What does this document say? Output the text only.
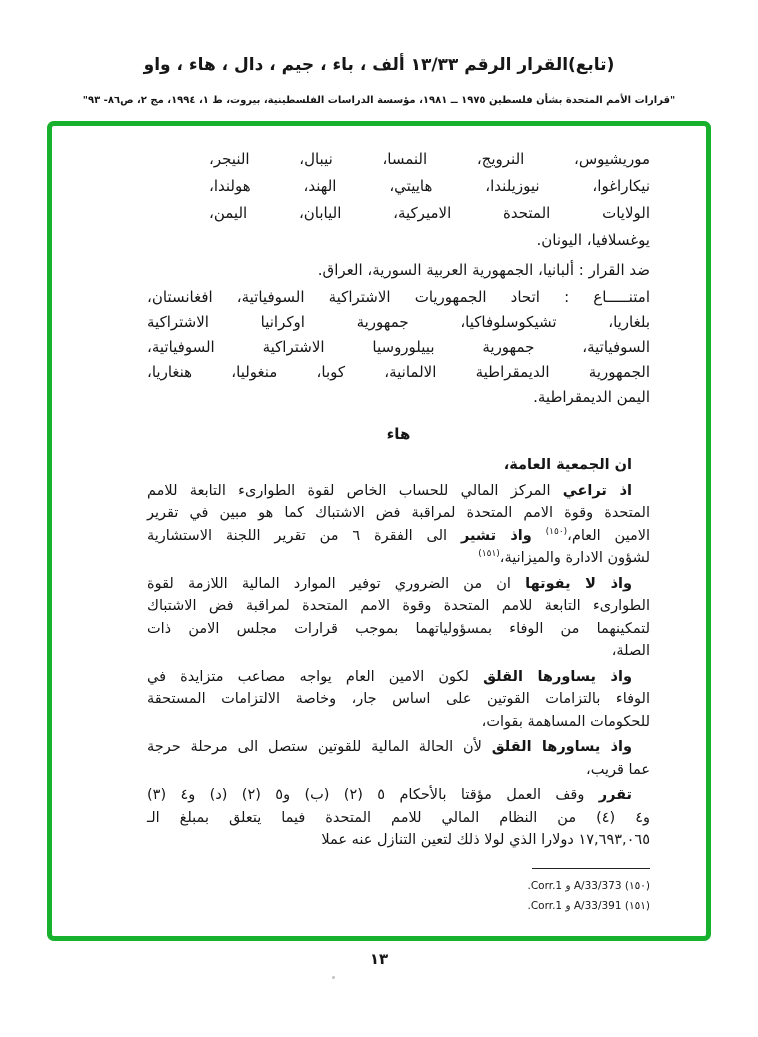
(تابع)القرار الرقم ١٣/٣٣ ألف ، باء ، جيم ، دال ، هاء ، واو
"قرارات الأمم المتحدة بشأن فلسطين ١٩٧٥ ــ ١٩٨١، مؤسسة الدراسات الفلسطينية، بيروت، ط ١، ١٩٩٤، مج ٢، ص٨٦- ٩٣"
موريشيوس، النرويج، النمسا، نيبال، النيجر،
نيكاراغوا، نيوزيلندا، هاييتي، الهند، هولندا،
الولايات المتحدة الاميركية، اليابان، اليمن،
يوغسلافيا، اليونان.
ضد القرار : ألبانيا، الجمهورية العربية السورية، العراق.
امتنـــــاع : اتحاد الجمهوريات الاشتراكية السوفياتية، افغانستان،
بلغاريا، تشيكوسلوفاكيا، جمهورية اوكرانيا الاشتراكية
السوفياتية، جمهورية بييلوروسيا الاشتراكية السوفياتية،
الجمهورية الديمقراطية الالمانية، كوبا، منغوليا، هنغاريا،
اليمن الديمقراطية.
هاء
ان الجمعية العامة،
اذ تراعي المركز المالي للحساب الخاص لقوة الطوارىء التابعة للامم
المتحدة وقوة الامم المتحدة لمراقبة فض الاشتباك كما هو مبين في تقرير
الامين العام،$^{(١٥٠)}$ واذ تشير الى الفقرة ٦ من تقرير اللجنة الاستشارية
لشؤون الادارة والميزانية،$^{(١٥١)}$
واذ لا يفوتها ان من الضروري توفير الموارد المالية اللازمة لقوة
الطوارىء التابعة للامم المتحدة وقوة الامم المتحدة لمراقبة فض الاشتباك
لتمكينهما من الوفاء بمسؤولياتهما بموجب قرارات مجلس الامن ذات
الصلة،
واذ يساورها القلق لكون الامين العام يواجه مصاعب متزايدة في
الوفاء بالتزامات القوتين على اساس جار، وخاصة الالتزامات المستحقة
للحكومات المساهمة بقوات،
واذ يساورها القلق لأن الحالة المالية للقوتين ستصل الى مرحلة حرجة
عما قريب،
تقرر وقف العمل مؤقتا بالأحكام ٥ (٢) (ب) و٥ (٢) (د) و٤ (٣)
و٤ (٤) من النظام المالي للامم المتحدة فيما يتعلق بمبلغ الـ
١٧,٦٩٣,٠٦٥ دولارا الذي لولا ذلك لتعين التنازل عنه عملا
(١٥٠) A/33/373 و Corr.1.
(١٥١) A/33/391 و Corr.1.
١٣
